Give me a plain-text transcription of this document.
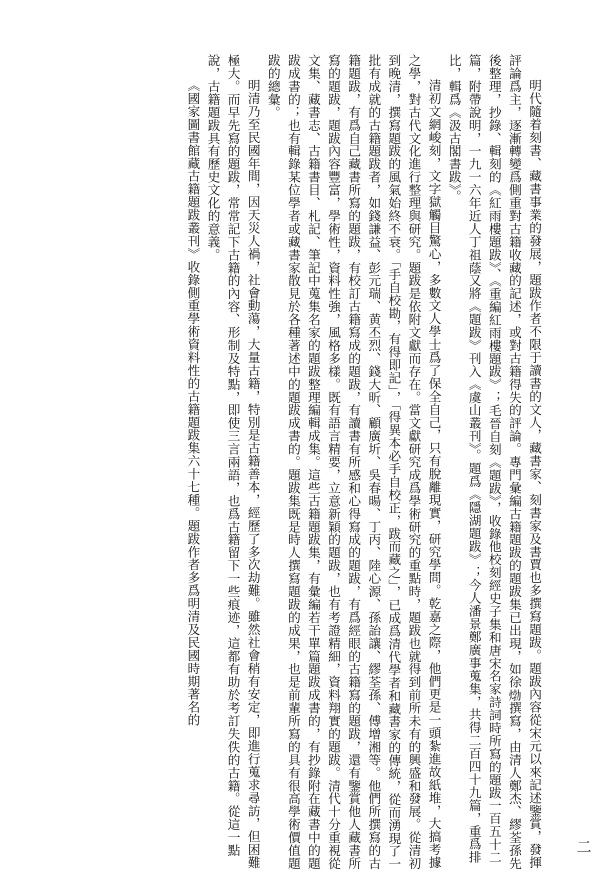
明代隨着刻書、藏書事業的發展，題跋作者不限于讀書的文人，藏書家、刻書家及書賈也多撰寫題跋。題跋內容從宋元以來記述鑒賞，發揮評論爲主，逐漸轉變爲側重對古籍收藏的記述，或對古籍得失的評論。專門彙編古籍題跋的題跋集已出現，如徐𤊹撰寫，由清人鄭杰、繆荃孫先後整理，抄錄、輯刻的《紅雨樓題跋》、《重編紅雨樓題跋》；毛晉自刻《題跋》，收錄他校刻經史子集和唐宋名家詩詞時所寫的題跋一百五十二篇，附帶說明，一九一六年近人丁祖蔭又將《題跋》刊入《虞山叢刊》。題爲《隱湖題跋》；今人潘景鄭廣事蒐集，共得二百四十九篇，重爲排比，輯爲《汲古閣書跋》。

清初文網峻刻，文字獄觸目驚心，多數文人學士爲了保全自己，只有脫離現實，研究學問。乾嘉之際，他們更是一頭紮進故紙堆，大搞考據之學，對古代文化進行整理與研究。題跋是依附文獻而存在。當文獻研究成爲學術研究的重點時，題跋也就得到前所未有的興盛和發展。從清初到晚清，撰寫題跋的風氣始終不衰。「手自校勘，有得即記」，「得異本必手自校正，跋而藏之」，已成爲清代學者和藏書家的傳統，從而湧現了一批有成就的古籍題跋者，如錢謙益、彭元瑞、黄丕烈、錢大昕、顧廣圻、吳春暘、丁丙、陸心源、孫詒讓、繆荃孫、傅增湘等。他們所撰寫的古籍題跋，有爲自己藏書所寫的題跋，有校訂古籍寫成的題跋，有讀書有所感和心得寫成的題跋，有爲經眼的古籍寫的題跋，還有鑒賞他人藏書所寫的題跋，題跋內容豐富，學術性，資料性強，風格多樣。既有語言精要，立意新穎的題跋，也有考證精細，資料翔實的題跋。清代十分重視從文集、藏書志、古籍書目、札記、筆記中蒐集名家的題跋整理編輯成集。這些古籍題跋集，有彙編若干單篇題跋成書的，有抄錄附在藏書中的題跋成書的；也有輯錄某位學者或藏書家散見於各種著述中的題跋成書的。題跋集既是時人撰寫題跋的成果，也是前輩所寫的具有很高學術價值題跋的總彙。

明清乃至民國年間，因天災人禍，社會動蕩，大量古籍，特別是古籍善本，經歷了多次劫難。雖然社會稍有安定，即進行蒐求尋訪，但困難極大。而早先寫的題跋，常常記下古籍的內容、形制及特點，即使三言兩語，也爲古籍留下一些痕迹，這都有助於考訂失佚的古籍。從這一點說，古籍題跋具有歷史文化的意義。

《國家圖書館藏古籍題跋叢刊》收錄側重學術資料性的古籍題跋集六十七種。題跋作者多爲明清及民國時期著名的

二
